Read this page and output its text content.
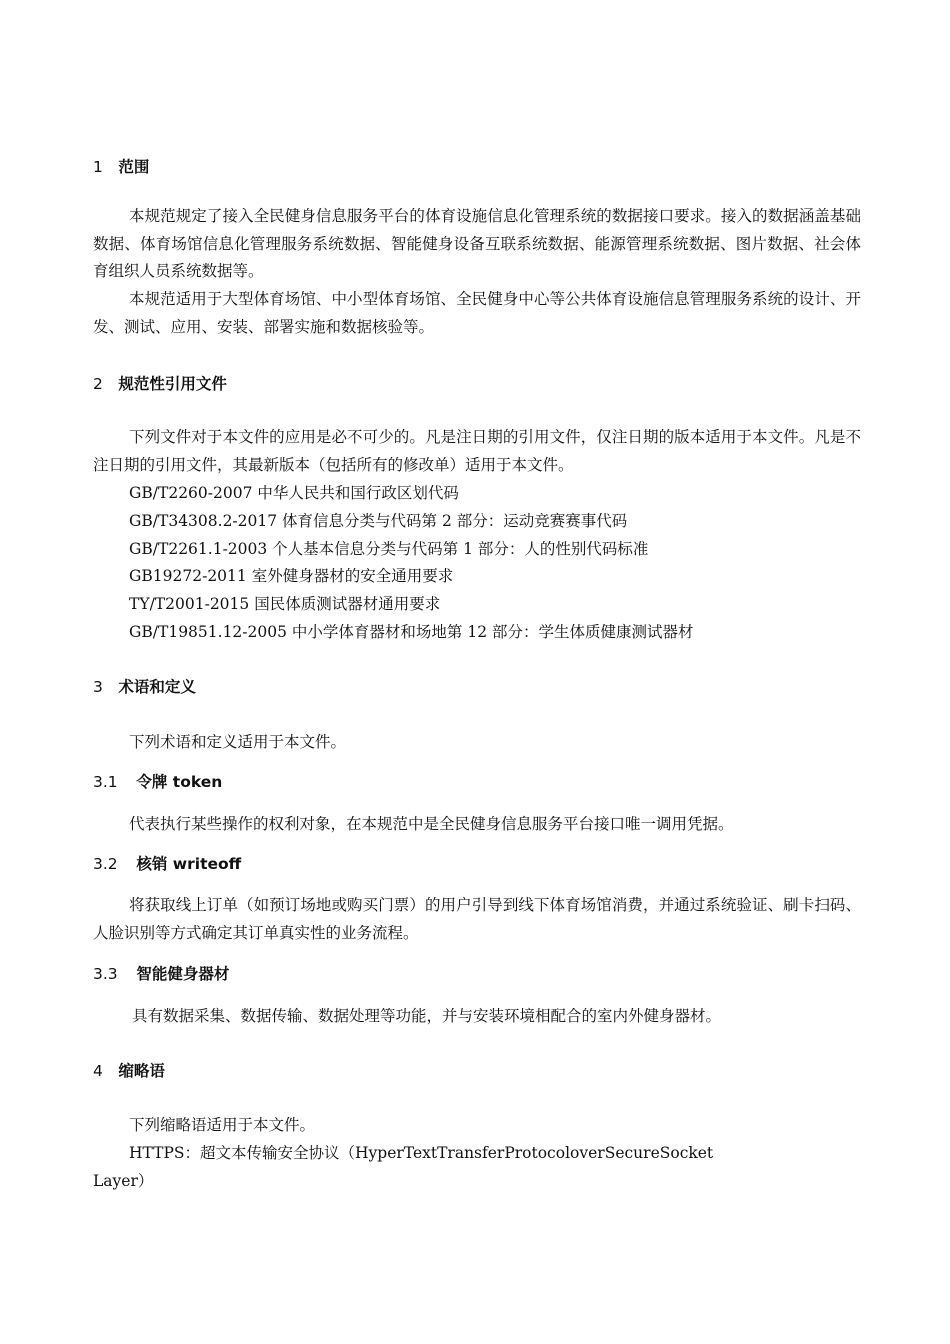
1 范围
本规范规定了接入全民健身信息服务平台的体育设施信息化管理系统的数据接口要求。接入的数据涵盖基础数据、体育场馆信息化管理服务系统数据、智能健身设备互联系统数据、能源管理系统数据、图片数据、社会体育组织人员系统数据等。
本规范适用于大型体育场馆、中小型体育场馆、全民健身中心等公共体育设施信息管理服务系统的设计、开发、测试、应用、安装、部署实施和数据核验等。
2 规范性引用文件
下列文件对于本文件的应用是必不可少的。凡是注日期的引用文件，仅注日期的版本适用于本文件。凡是不注日期的引用文件，其最新版本（包括所有的修改单）适用于本文件。
GB/T2260-2007 中华人民共和国行政区划代码
GB/T34308.2-2017 体育信息分类与代码第 2 部分：运动竞赛赛事代码
GB/T2261.1-2003 个人基本信息分类与代码第 1 部分：人的性别代码标准
GB19272-2011 室外健身器材的安全通用要求
TY/T2001-2015 国民体质测试器材通用要求
GB/T19851.12-2005 中小学体育器材和场地第 12 部分：学生体质健康测试器材
3 术语和定义
下列术语和定义适用于本文件。
3.1 令牌 token
代表执行某些操作的权利对象，在本规范中是全民健身信息服务平台接口唯一调用凭据。
3.2 核销 writeoff
将获取线上订单（如预订场地或购买门票）的用户引导到线下体育场馆消费，并通过系统验证、刷卡扫码、人脸识别等方式确定其订单真实性的业务流程。
3.3 智能健身器材
具有数据采集、数据传输、数据处理等功能，并与安装环境相配合的室内外健身器材。
4 缩略语
下列缩略语适用于本文件。
HTTPS：超文本传输安全协议（HyperTextTransferProtocoloverSecureSocket
Layer）
